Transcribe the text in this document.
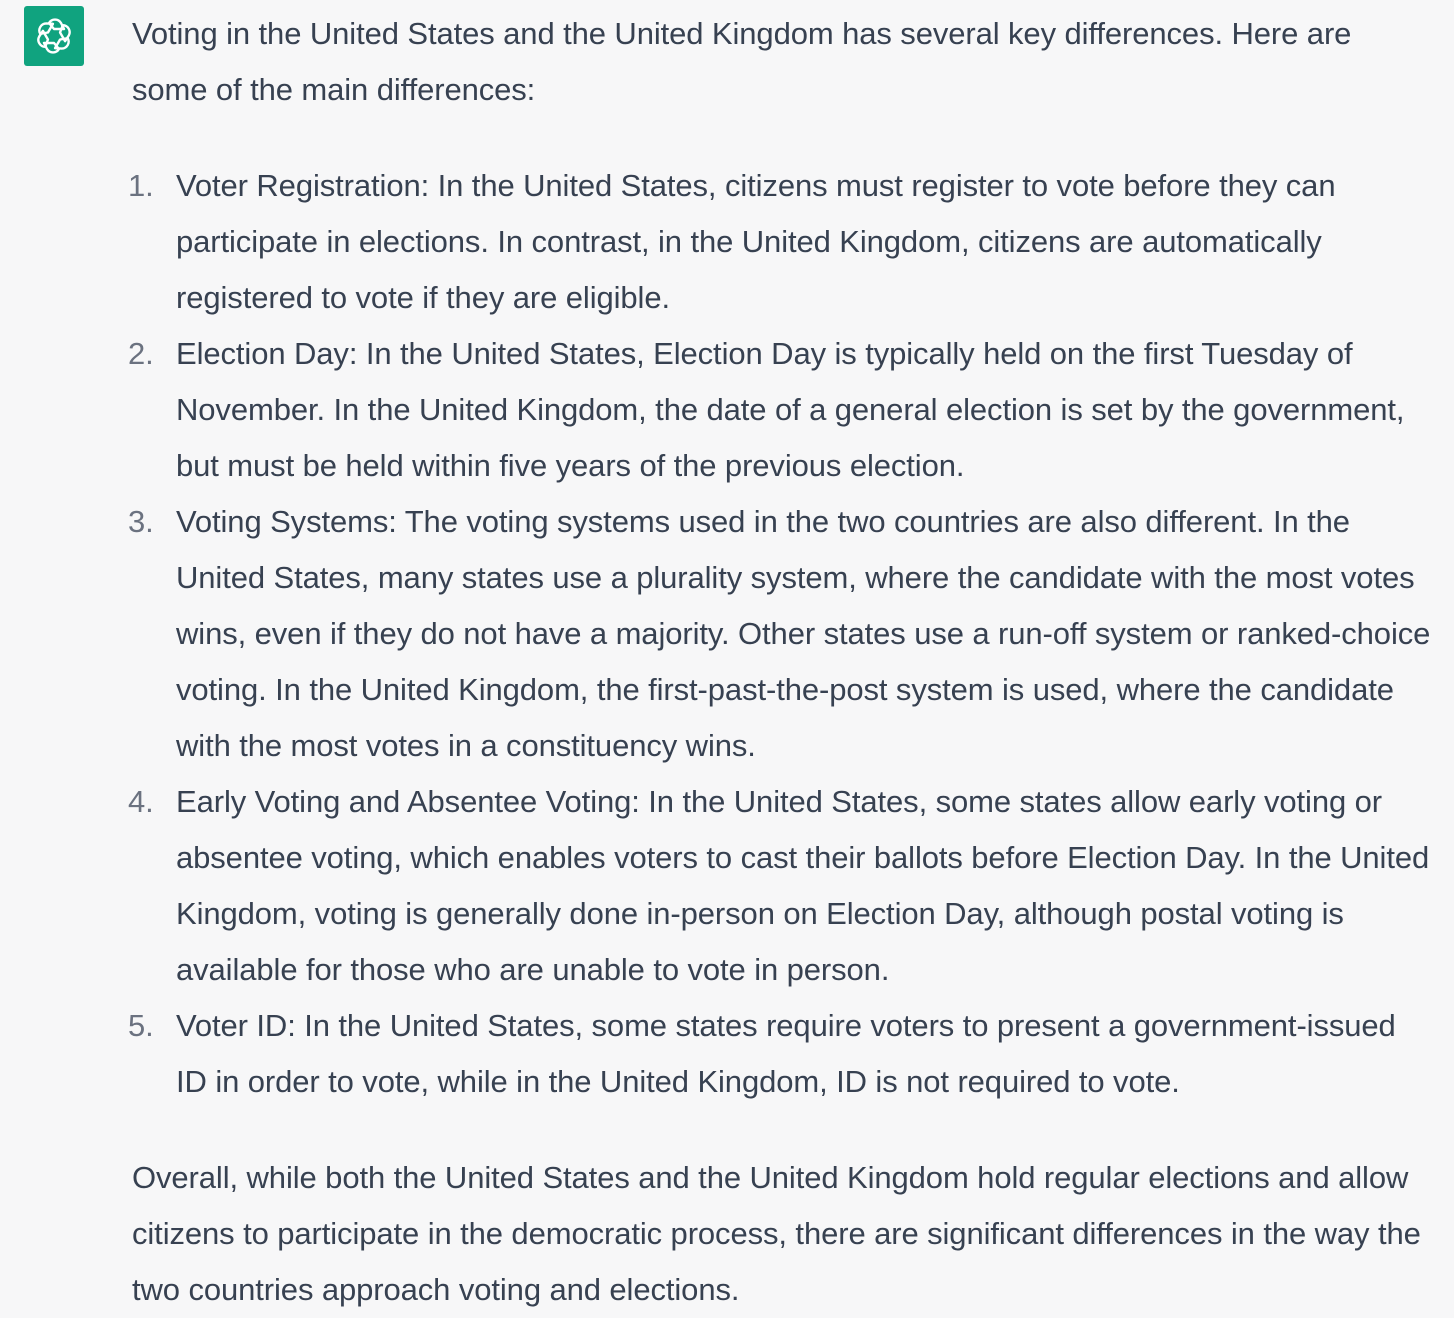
Voting in the United States and the United Kingdom has several key differences. Here are some of the main differences:

1. Voter Registration: In the United States, citizens must register to vote before they can participate in elections. In contrast, in the United Kingdom, citizens are automatically registered to vote if they are eligible.
2. Election Day: In the United States, Election Day is typically held on the first Tuesday of November. In the United Kingdom, the date of a general election is set by the government, but must be held within five years of the previous election.
3. Voting Systems: The voting systems used in the two countries are also different. In the United States, many states use a plurality system, where the candidate with the most votes wins, even if they do not have a majority. Other states use a run-off system or ranked-choice voting. In the United Kingdom, the first-past-the-post system is used, where the candidate with the most votes in a constituency wins.
4. Early Voting and Absentee Voting: In the United States, some states allow early voting or absentee voting, which enables voters to cast their ballots before Election Day. In the United Kingdom, voting is generally done in-person on Election Day, although postal voting is available for those who are unable to vote in person.
5. Voter ID: In the United States, some states require voters to present a government-issued ID in order to vote, while in the United Kingdom, ID is not required to vote.

Overall, while both the United States and the United Kingdom hold regular elections and allow citizens to participate in the democratic process, there are significant differences in the way the two countries approach voting and elections.
